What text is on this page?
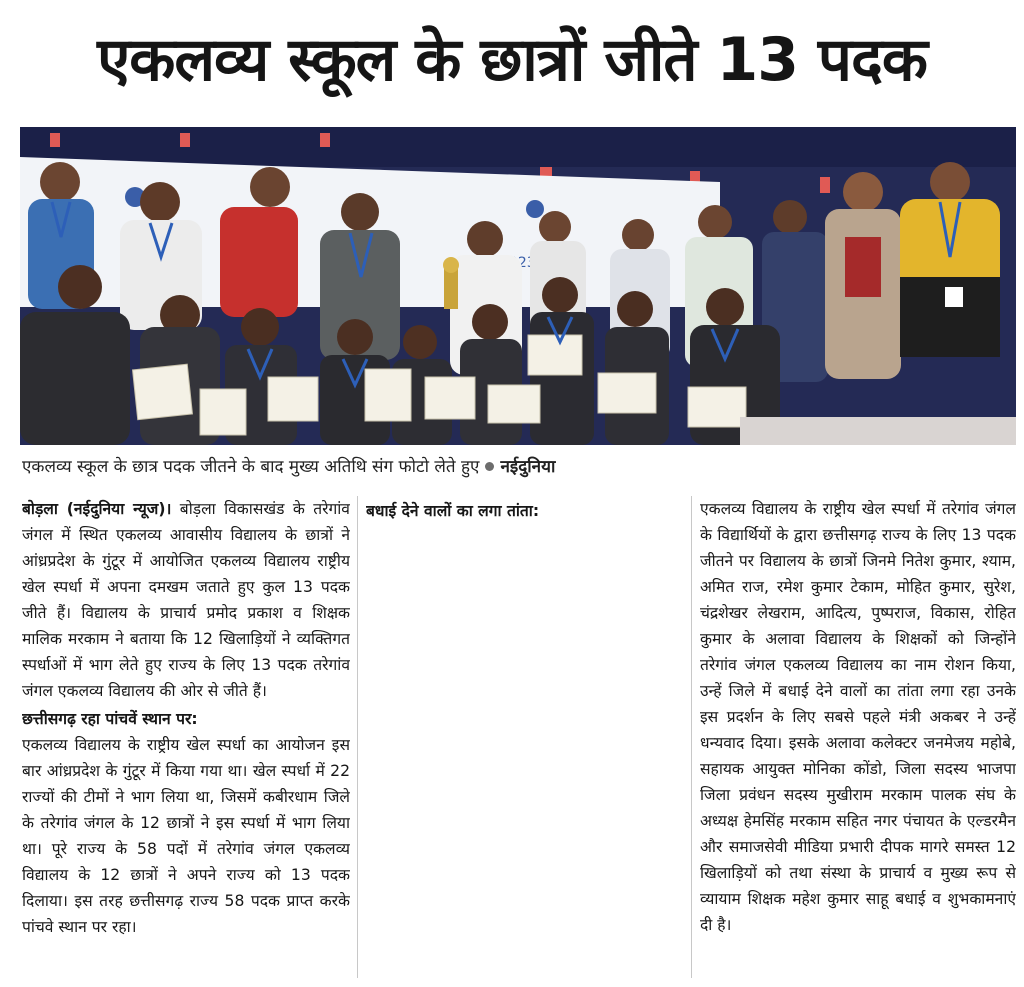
एकलव्य स्कूल के छात्रों जीते 13 पदक
एकलव्य स्कूल के छात्र पदक जीतने के बाद मुख्य अतिथि संग फोटो लेते हुए नईदुनिया

बोड़ला (नईदुनिया न्यूज)। बोड़ला विकासखंड के तरेगांव जंगल में स्थित एकलव्य आवासीय विद्यालय के छात्रों ने आंध्रप्रदेश के गुंटूर में आयोजित एकलव्य विद्यालय राष्ट्रीय खेल स्पर्धा में अपना दमखम जताते हुए कुल 13 पदक जीते हैं। विद्यालय के प्राचार्य प्रमोद प्रकाश व शिक्षक मालिक मरकाम ने बताया कि 12 खिलाड़ियों ने व्यक्तिगत स्पर्धाओं में भाग लेते हुए राज्य के लिए 13 पदक तरेगांव जंगल एकलव्य विद्यालय की ओर से जीते हैं।

छत्तीसगढ़ रहा पांचवें स्थान पर:

एकलव्य विद्यालय के राष्ट्रीय खेल स्पर्धा का आयोजन इस बार आंध्रप्रदेश के गुंटूर में किया गया था। खेल स्पर्धा में 22 राज्यों की टीमों ने भाग लिया था, जिसमें कबीरधाम जिले के तरेगांव जंगल के 12 छात्रों ने इस स्पर्धा में भाग लिया था। पूरे राज्य के 58 पदों में तरेगांव जंगल एकलव्य विद्यालय के 12 छात्रों ने अपने राज्य को 13 पदक दिलाया। इस तरह छत्तीसगढ़ राज्य 58 पदक प्राप्त करके पांचवे स्थान पर रहा।

बधाई देने वालों का लगा तांता:	एकलव्य विद्यालय के राष्ट्रीय खेल स्पर्धा में तरेगांव जंगल के विद्यार्थियों के द्वारा छत्तीसगढ़ राज्य के लिए 13 पदक जीतने पर विद्यालय के छात्रों जिनमे नितेश कुमार, श्याम, अमित राज, रमेश कुमार टेकाम, मोहित कुमार, सुरेश, चंद्रशेखर लेखराम, आदित्य, पुष्पराज, विकास, रोहित कुमार के अलावा विद्यालय के शिक्षकों को जिन्होंने तरेगांव जंगल एकलव्य विद्यालय का नाम रोशन किया, उन्हें जिले में बधाई देने वालों का तांता लगा रहा उनके इस प्रदर्शन के लिए सबसे पहले मंत्री अकबर ने उन्हें धन्यवाद दिया। इसके अलावा कलेक्टर जनमेजय महोबे, सहायक आयुक्त मोनिका कोंडो, जिला सदस्य भाजपा जिला प्रवंधन सदस्य मुखीराम मरकाम पालक संघ के अध्यक्ष हेमसिंह मरकाम सहित नगर पंचायत के एल्डरमैन और समाजसेवी मीडिया प्रभारी दीपक मागरे समस्त 12 खिलाड़ियों को तथा संस्था के प्राचार्य व मुख्य रूप से व्यायाम शिक्षक महेश कुमार साहू बधाई व शुभकामनाएं दी है।
